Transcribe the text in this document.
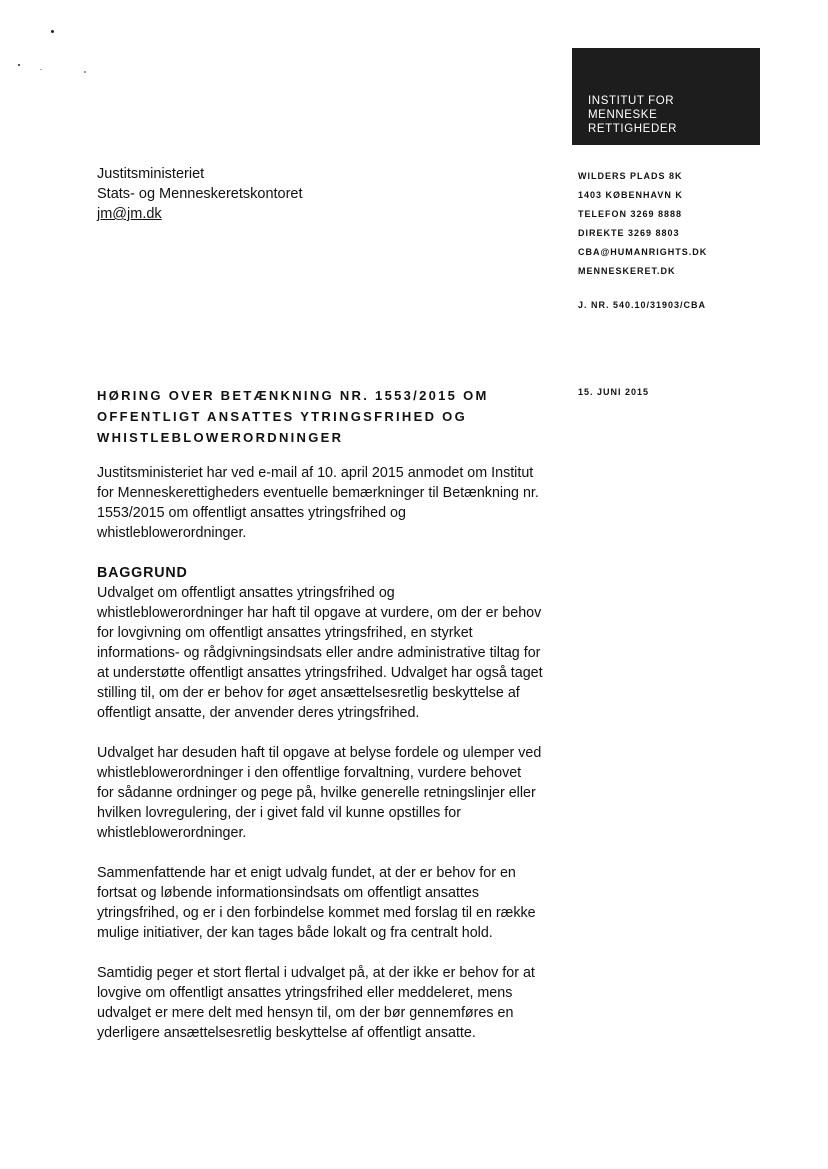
INSTITUT FOR
MENNESKE
RETTIGHEDER
Justitsministeriet
Stats- og Menneskeretskontoret
jm@jm.dk
WILDERS PLADS 8K
1403 KØBENHAVN K
TELEFON 3269 8888
DIREKTE 3269 8803
CBA@HUMANRIGHTS.DK
MENNESKERET.DK
J. NR. 540.10/31903/CBA
15. JUNI 2015
HØRING OVER BETÆNKNING NR. 1553/2015 OM
OFFENTLIGT ANSATTES YTRINGSFRIHED OG
WHISTLEBLOWERORDNINGER
Justitsministeriet har ved e-mail af 10. april 2015 anmodet om Institut
for Menneskerettigheders eventuelle bemærkninger til Betænkning nr.
1553/2015 om offentligt ansattes ytringsfrihed og
whistleblowerordninger.
BAGGRUND
Udvalget om offentligt ansattes ytringsfrihed og
whistleblowerordninger har haft til opgave at vurdere, om der er behov
for lovgivning om offentligt ansattes ytringsfrihed, en styrket
informations- og rådgivningsindsats eller andre administrative tiltag for
at understøtte offentligt ansattes ytringsfrihed. Udvalget har også taget
stilling til, om der er behov for øget ansættelsesretlig beskyttelse af
offentligt ansatte, der anvender deres ytringsfrihed.
Udvalget har desuden haft til opgave at belyse fordele og ulemper ved
whistleblowerordninger i den offentlige forvaltning, vurdere behovet
for sådanne ordninger og pege på, hvilke generelle retningslinjer eller
hvilken lovregulering, der i givet fald vil kunne opstilles for
whistleblowerordninger.
Sammenfattende har et enigt udvalg fundet, at der er behov for en
fortsat og løbende informationsindsats om offentligt ansattes
ytringsfrihed, og er i den forbindelse kommet med forslag til en række
mulige initiativer, der kan tages både lokalt og fra centralt hold.
Samtidig peger et stort flertal i udvalget på, at der ikke er behov for at
lovgive om offentligt ansattes ytringsfrihed eller meddeleret, mens
udvalget er mere delt med hensyn til, om der bør gennemføres en
yderligere ansættelsesretlig beskyttelse af offentligt ansatte.
